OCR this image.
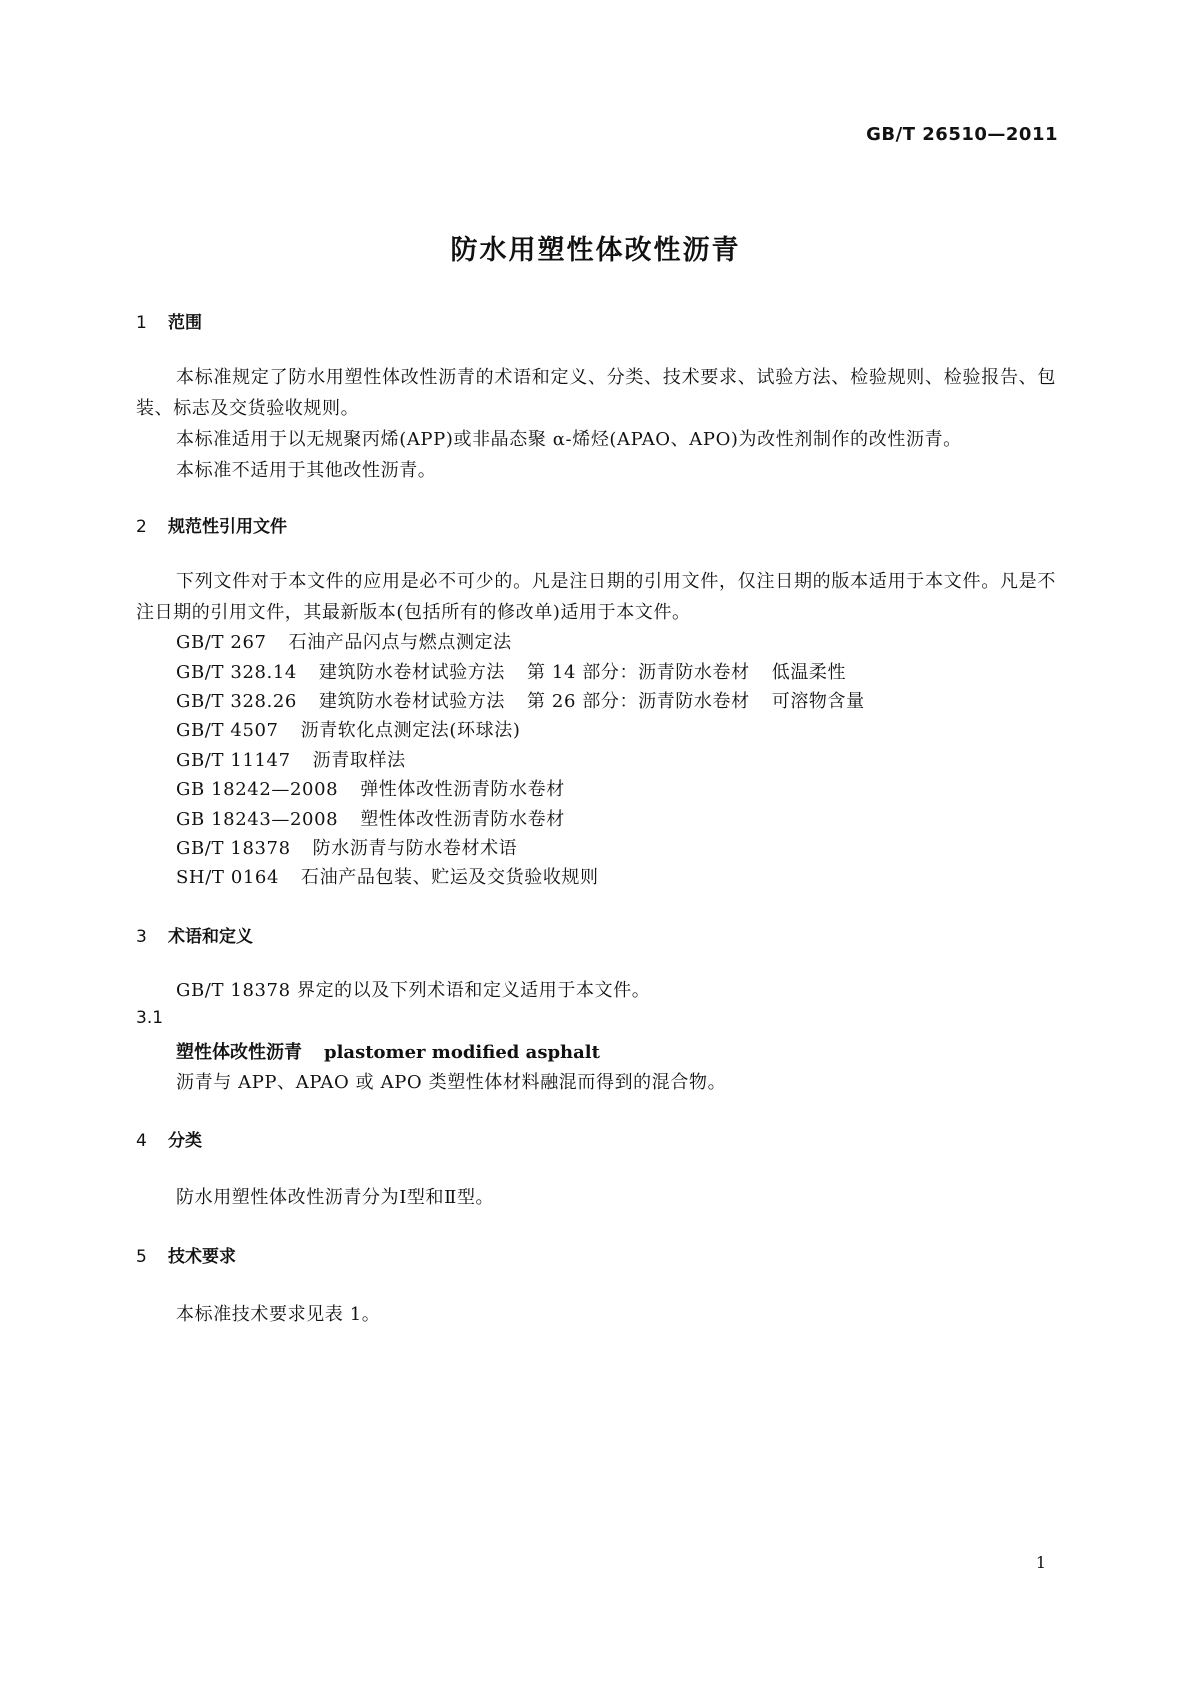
GB/T 26510—2011
防水用塑性体改性沥青
1 范围
本标准规定了防水用塑性体改性沥青的术语和定义、分类、技术要求、试验方法、检验规则、检验报告、包装、标志及交货验收规则。
本标准适用于以无规聚丙烯(APP)或非晶态聚 α-烯烃(APAO、APO)为改性剂制作的改性沥青。
本标准不适用于其他改性沥青。
2 规范性引用文件
下列文件对于本文件的应用是必不可少的。凡是注日期的引用文件，仅注日期的版本适用于本文件。凡是不注日期的引用文件，其最新版本(包括所有的修改单)适用于本文件。
GB/T 267 石油产品闪点与燃点测定法
GB/T 328.14 建筑防水卷材试验方法 第 14 部分：沥青防水卷材 低温柔性
GB/T 328.26 建筑防水卷材试验方法 第 26 部分：沥青防水卷材 可溶物含量
GB/T 4507 沥青软化点测定法(环球法)
GB/T 11147 沥青取样法
GB 18242—2008 弹性体改性沥青防水卷材
GB 18243—2008 塑性体改性沥青防水卷材
GB/T 18378 防水沥青与防水卷材术语
SH/T 0164 石油产品包装、贮运及交货验收规则
3 术语和定义
GB/T 18378 界定的以及下列术语和定义适用于本文件。
3.1
塑性体改性沥青 plastomer modified asphalt
沥青与 APP、APAO 或 APO 类塑性体材料融混而得到的混合物。
4 分类
防水用塑性体改性沥青分为Ⅰ型和Ⅱ型。
5 技术要求
本标准技术要求见表 1。
1
